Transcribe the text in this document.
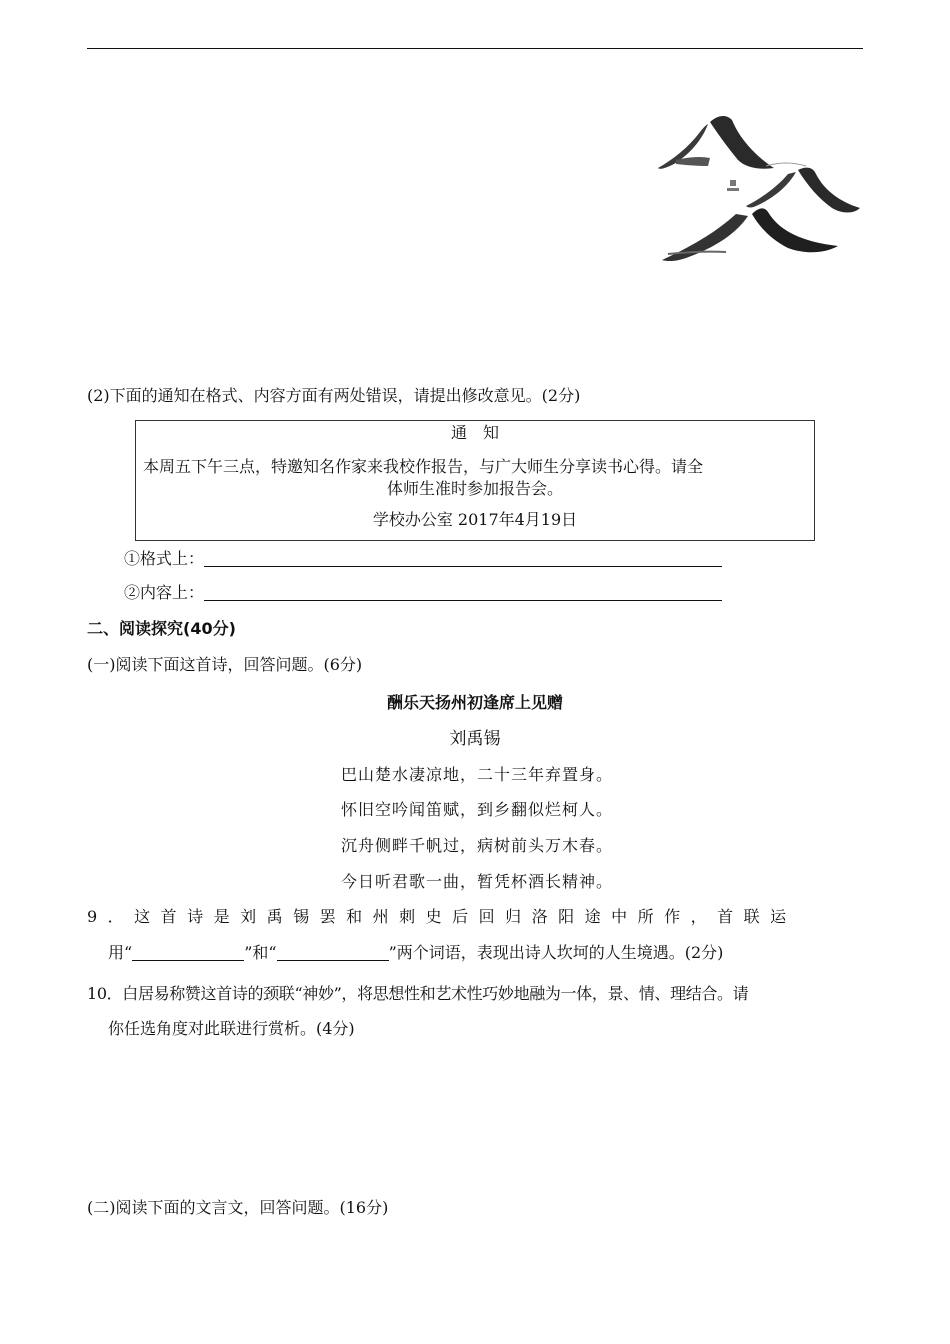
(2)下面的通知在格式、内容方面有两处错误，请提出修改意见。(2分)
通　知
本周五下午三点，特邀知名作家来我校作报告，与广大师生分享读书心得。请全
体师生准时参加报告会。
学校办公室 2017年4月19日
①格式上：
②内容上：
二、阅读探究(40分)
(一)阅读下面这首诗，回答问题。(6分)
酬乐天扬州初逢席上见赠
刘禹锡
巴山楚水凄凉地，二十三年弃置身。
怀旧空吟闻笛赋，到乡翻似烂柯人。
沉舟侧畔千帆过，病树前头万木春。
今日听君歌一曲，暂凭杯酒长精神。
9．这首诗是刘禹锡罢和州刺史后回归洛阳途中所作，首联运
用“	”和“	”两个词语，表现出诗人坎坷的人生境遇。(2分)
10．白居易称赞这首诗的颈联“神妙”，将思想性和艺术性巧妙地融为一体，景、情、理结合。请
你任选角度对此联进行赏析。(4分)
(二)阅读下面的文言文，回答问题。(16分)
